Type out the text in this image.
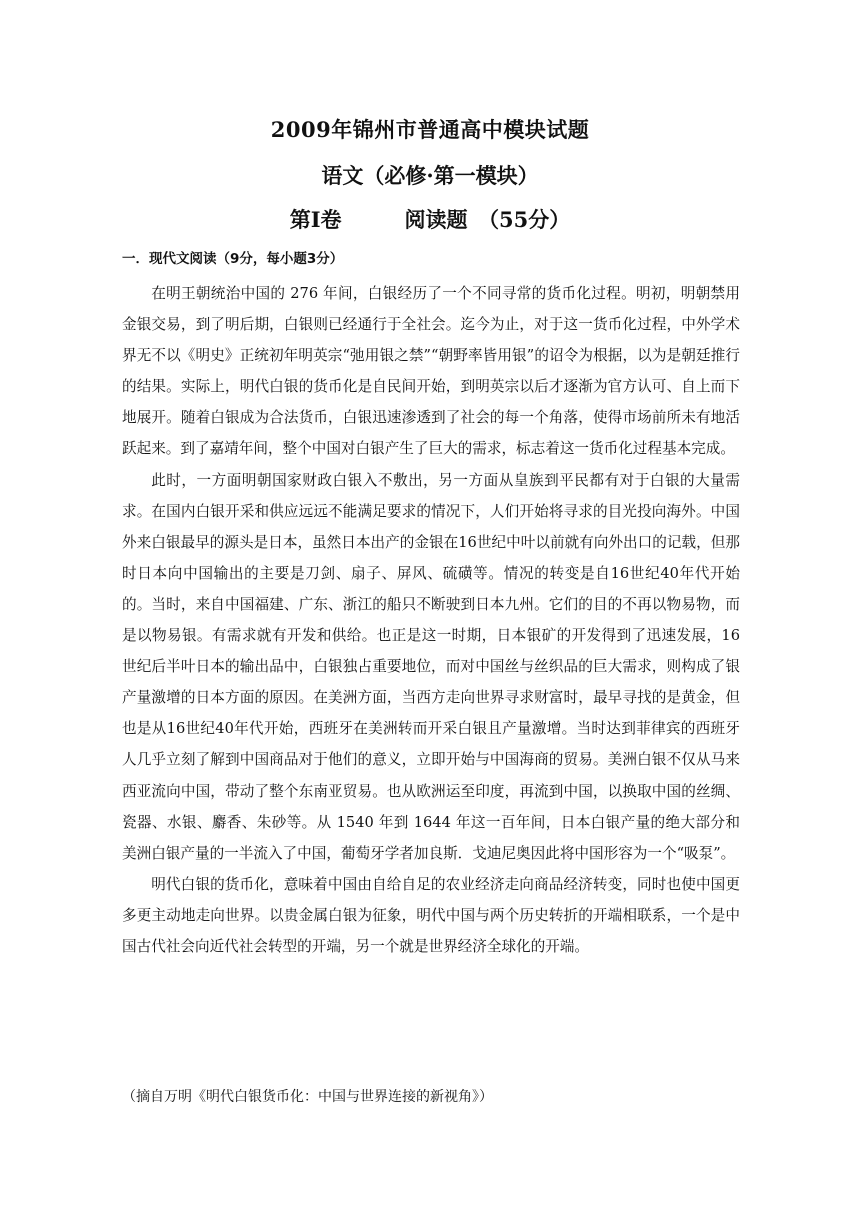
2009年锦州市普通高中模块试题
语文（必修·第一模块）
第Ⅰ卷　　　阅读题　（55分）
一．现代文阅读（9分，每小题3分）

在明王朝统治中国的 276 年间，白银经历了一个不同寻常的货币化过程。明初，明朝禁用金银交易，到了明后期，白银则已经通行于全社会。迄今为止，对于这一货币化过程，中外学术界无不以《明史》正统初年明英宗“弛用银之禁”“朝野率皆用银”的诏令为根据，以为是朝廷推行的结果。实际上，明代白银的货币化是自民间开始，到明英宗以后才逐渐为官方认可、自上而下地展开。随着白银成为合法货币，白银迅速渗透到了社会的每一个角落，使得市场前所未有地活跃起来。到了嘉靖年间，整个中国对白银产生了巨大的需求，标志着这一货币化过程基本完成。

此时，一方面明朝国家财政白银入不敷出，另一方面从皇族到平民都有对于白银的大量需求。在国内白银开采和供应远远不能满足要求的情况下，人们开始将寻求的目光投向海外。中国外来白银最早的源头是日本，虽然日本出产的金银在16世纪中叶以前就有向外出口的记载，但那时日本向中国输出的主要是刀剑、扇子、屏风、硫磺等。情况的转变是自16世纪40年代开始的。当时，来自中国福建、广东、浙江的船只不断驶到日本九州。它们的目的不再以物易物，而是以物易银。有需求就有开发和供给。也正是这一时期，日本银矿的开发得到了迅速发展，16 世纪后半叶日本的输出品中，白银独占重要地位，而对中国丝与丝织品的巨大需求，则构成了银产量激增的日本方面的原因。在美洲方面，当西方走向世界寻求财富时，最早寻找的是黄金，但也是从16世纪40年代开始，西班牙在美洲转而开采白银且产量激增。当时达到菲律宾的西班牙人几乎立刻了解到中国商品对于他们的意义，立即开始与中国海商的贸易。美洲白银不仅从马来西亚流向中国，带动了整个东南亚贸易。也从欧洲运至印度，再流到中国，以换取中国的丝绸、瓷器、水银、麝香、朱砂等。从 1540 年到 1644 年这一百年间，日本白银产量的绝大部分和美洲白银产量的一半流入了中国，葡萄牙学者加良斯．戈迪尼奥因此将中国形容为一个“吸泵”。

明代白银的货币化，意味着中国由自给自足的农业经济走向商品经济转变，同时也使中国更多更主动地走向世界。以贵金属白银为征象，明代中国与两个历史转折的开端相联系，一个是中国古代社会向近代社会转型的开端，另一个就是世界经济全球化的开端。

（摘自万明《明代白银货币化：中国与世界连接的新视角》）
